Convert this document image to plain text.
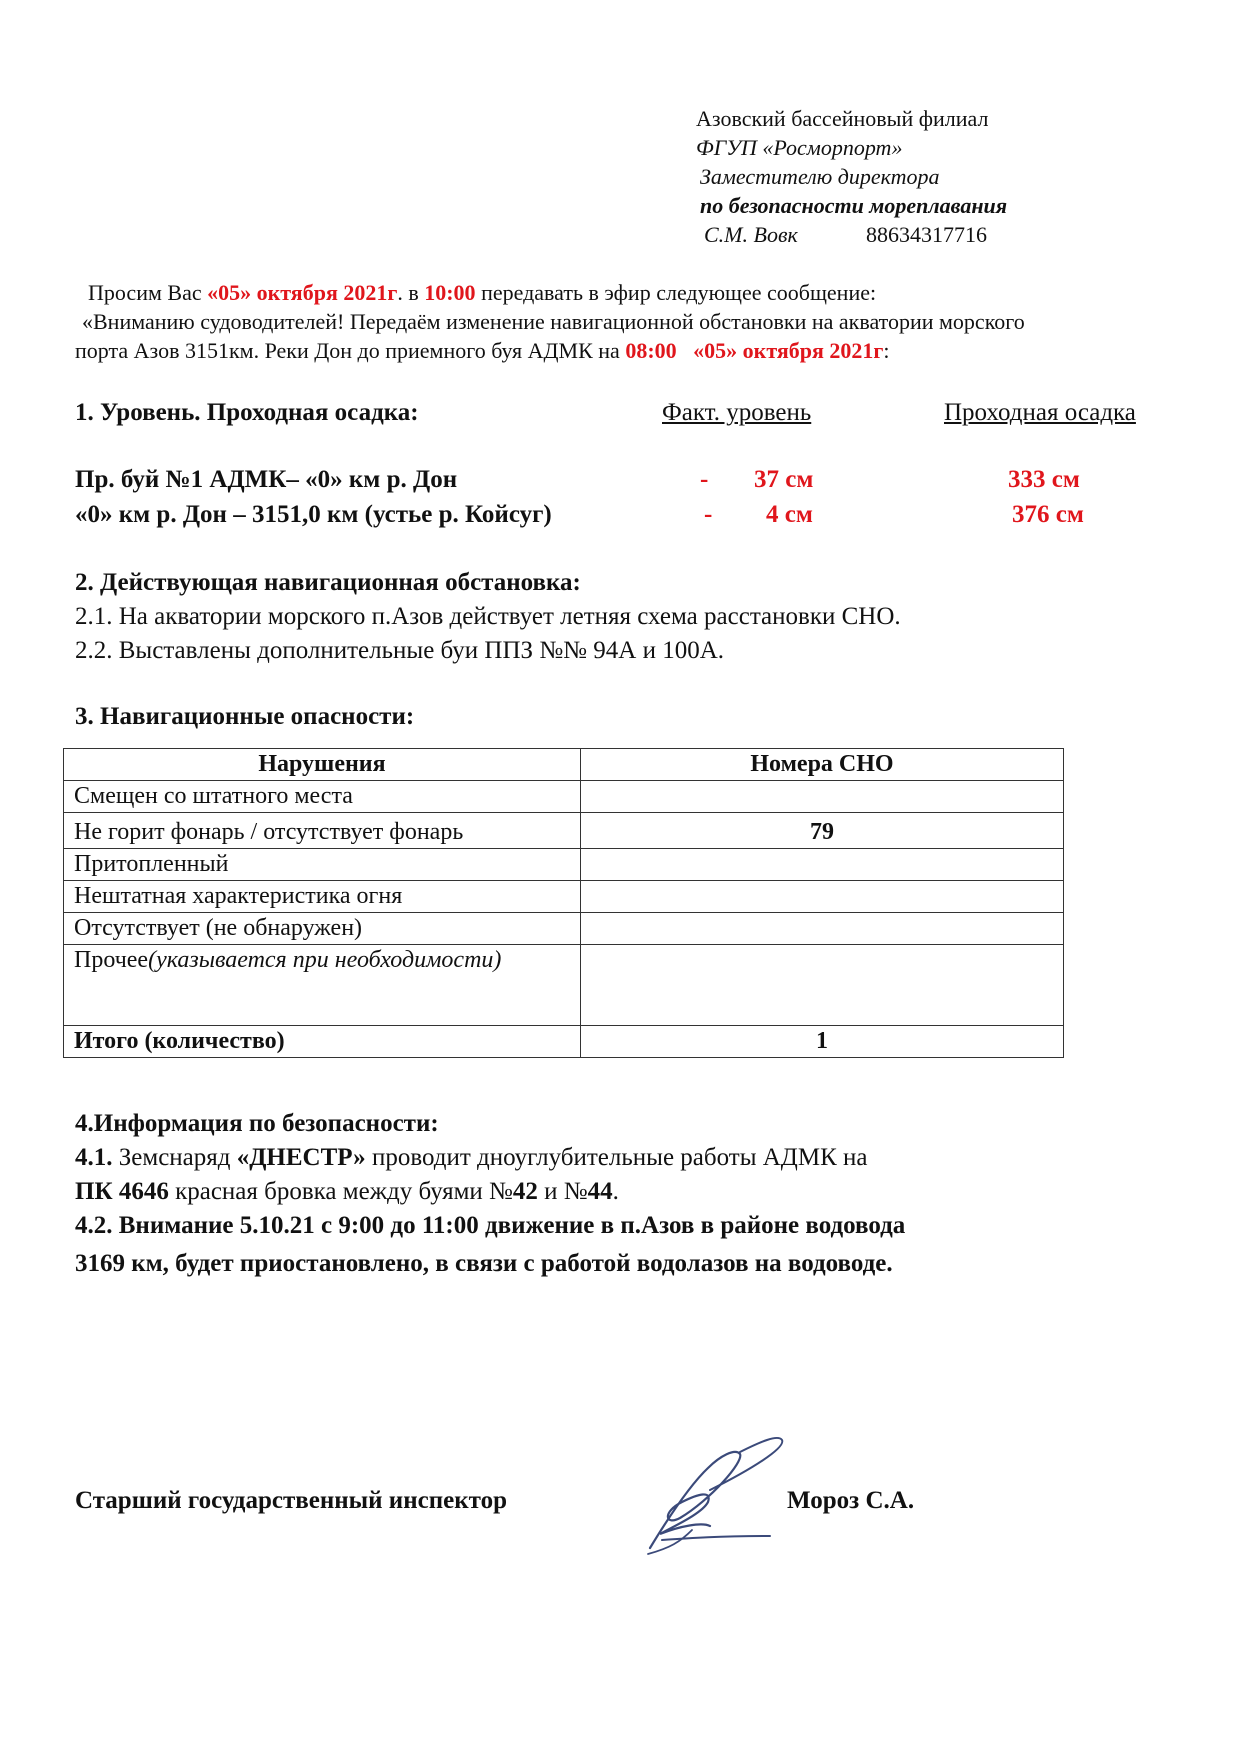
Азовский бассейновый филиал
ФГУП «Росморпорт»
Заместителю директора
по безопасности мореплавания
С.М. Вовк	88634317716
Просим Вас «05» октября 2021г. в 10:00 передавать в эфир следующее сообщение:
«Вниманию судоводителей! Передаём изменение навигационной обстановки на акватории морского
порта Азов 3151км. Реки Дон до приемного буя АДМК на 08:00 «05» октября 2021г:
1. Уровень. Проходная осадка:	Факт. уровень	Проходная осадка
Пр. буй №1 АДМК– «0» км р. Дон	- 37 см	333 см
«0» км р. Дон – 3151,0 км (устье р. Койсуг)	- 4 см	376 см
2. Действующая навигационная обстановка:
2.1. На акватории морского п.Азов действует летняя схема расстановки СНО.
2.2. Выставлены дополнительные буи ППЗ №№ 94А и 100А.
3. Навигационные опасности:
Нарушения	Номера СНО
Смещен со штатного места	
Не горит фонарь / отсутствует фонарь	79
Притопленный	
Нештатная характеристика огня	
Отсутствует (не обнаружен)	
Прочее(указывается при необходимости)	
Итого (количество)	1
4.Информация по безопасности:
4.1. Земснаряд «ДНЕСТР» проводит дноуглубительные работы АДМК на
ПК 4646 красная бровка между буями №42 и №44.
4.2. Внимание 5.10.21 с 9:00 до 11:00 движение в п.Азов в районе водовода
3169 км, будет приостановлено, в связи с работой водолазов на водоводе.
Старший государственный инспектор	Мороз С.А.
